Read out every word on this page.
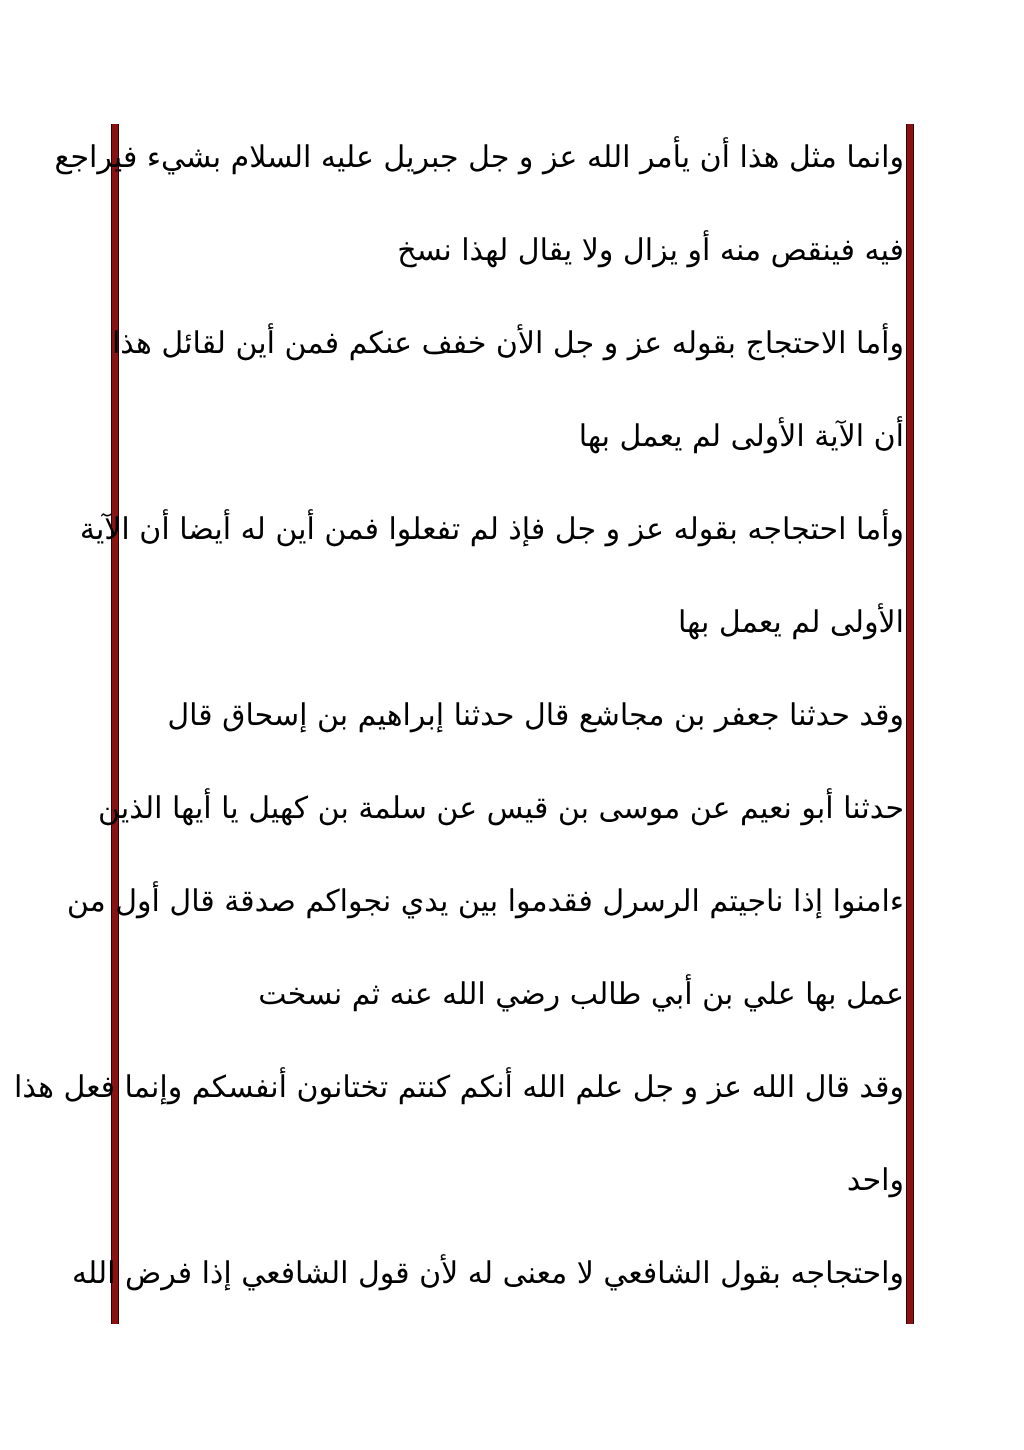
وانما مثل هذا أن يأمر الله عز و جل جبريل عليه السلام بشيء فيراجع
فيه فينقص منه أو يزال ولا يقال لهذا نسخ
وأما الاحتجاج بقوله عز و جل الأن خفف عنكم فمن أين لقائل هذا
أن الآية الأولى لم يعمل بها
وأما احتجاجه بقوله عز و جل فإذ لم تفعلوا فمن أين له أيضا أن الآية
الأولى لم يعمل بها
وقد حدثنا جعفر بن مجاشع قال حدثنا إبراهيم بن إسحاق قال
حدثنا أبو نعيم عن موسى بن قيس عن سلمة بن كهيل يا أيها الذين
ءامنوا إذا ناجيتم الرسرل فقدموا بين يدي نجواكم صدقة قال أول من
عمل بها علي بن أبي طالب رضي الله عنه ثم نسخت
وقد قال الله عز و جل علم الله أنكم كنتم تختانون أنفسكم وإنما فعل هذا
واحد
واحتجاجه بقول الشافعي لا معنى له لأن قول الشافعي إذا فرض الله
